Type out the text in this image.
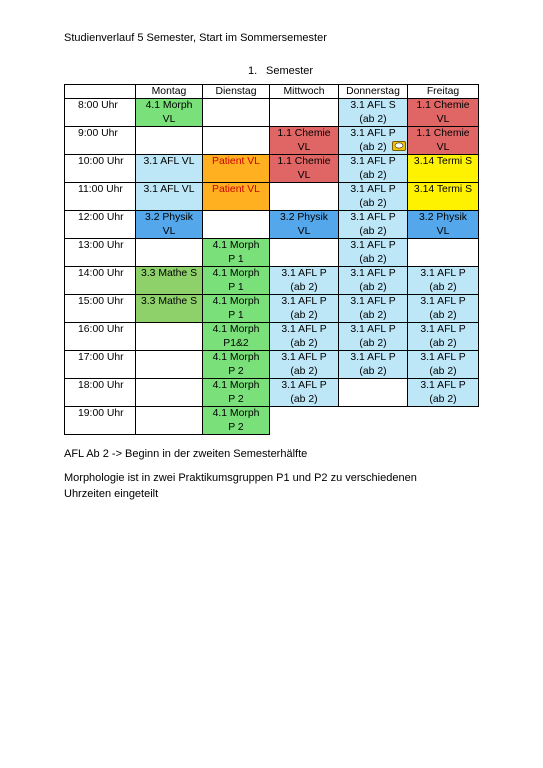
Studienverlauf 5 Semester, Start im Sommersemester
1. Semester
	Montag	Dienstag	Mittwoch	Donnerstag	Freitag
8:00 Uhr	4.1 Morph
VL			3.1 AFL S
(ab 2)	1.1 Chemie
VL

9:00 Uhr			1.1 Chemie
VL	3.1 AFL P
(ab 2)	1.1 Chemie
VL

10:00 Uhr	3.1 AFL VL	Patient VL	1.1 Chemie
VL	3.1 AFL P
(ab 2)	3.14 Termi S

11:00 Uhr	3.1 AFL VL	Patient VL		3.1 AFL P
(ab 2)	3.14 Termi S

12:00 Uhr	3.2 Physik
VL		3.2 Physik
VL	3.1 AFL P
(ab 2)	3.2 Physik
VL

13:00 Uhr		4.1 Morph
P 1		3.1 AFL P
(ab 2)	

14:00 Uhr	3.3 Mathe S	4.1 Morph
P 1	3.1 AFL P
(ab 2)	3.1 AFL P
(ab 2)	3.1 AFL P
(ab 2)

15:00 Uhr	3.3 Mathe S	4.1 Morph
P 1	3.1 AFL P
(ab 2)	3.1 AFL P
(ab 2)	3.1 AFL P
(ab 2)

16:00 Uhr		4.1 Morph
P1&2	3.1 AFL P
(ab 2)	3.1 AFL P
(ab 2)	3.1 AFL P
(ab 2)

17:00 Uhr		4.1 Morph
P 2	3.1 AFL P
(ab 2)	3.1 AFL P
(ab 2)	3.1 AFL P
(ab 2)

18:00 Uhr		4.1 Morph
P 2	3.1 AFL P
(ab 2)		3.1 AFL P
(ab 2)

19:00 Uhr		4.1 Morph
P 2			

AFL Ab 2 -> Beginn in der zweiten Semesterhälfte
Morphologie ist in zwei Praktikumsgruppen P1 und P2 zu verschiedenen Uhrzeiten eingeteilt
